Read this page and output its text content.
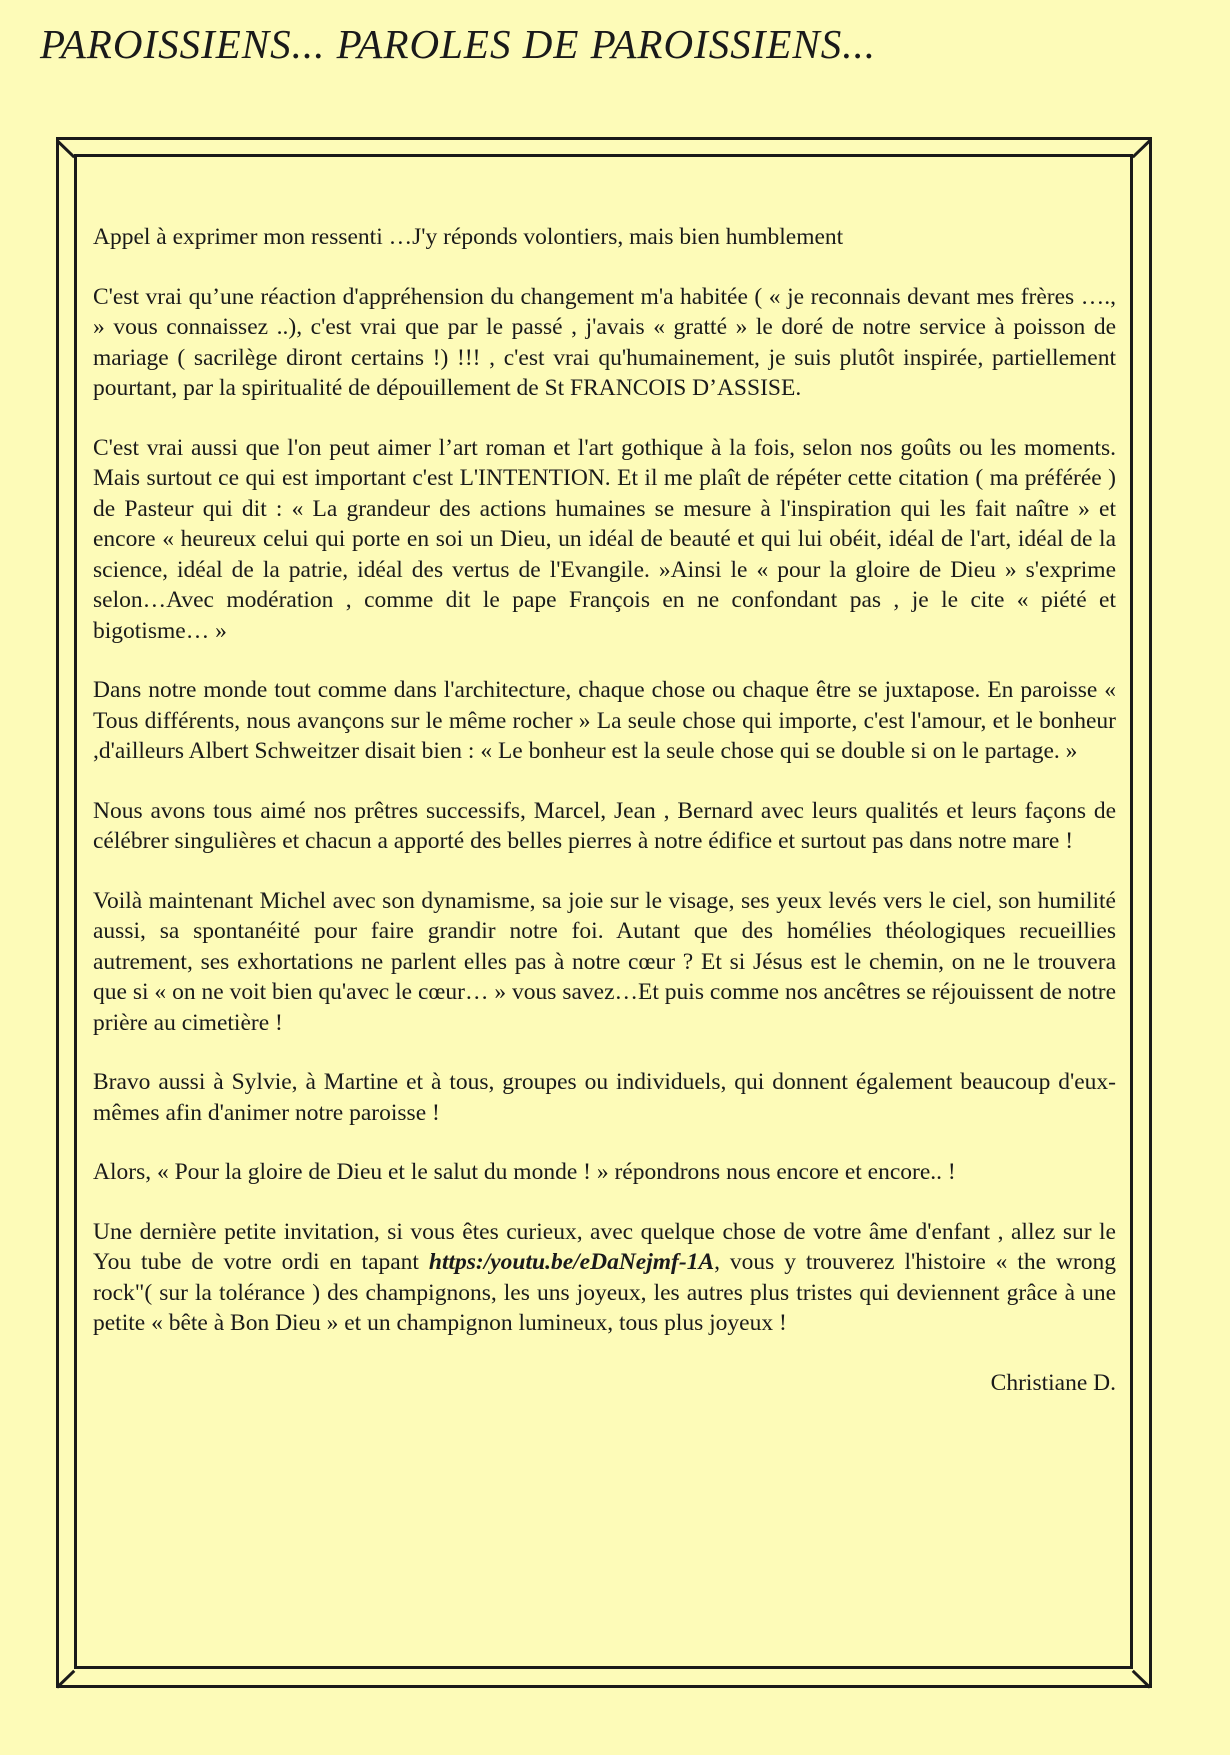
PAROISSIENS... PAROLES DE PAROISSIENS...

Appel à exprimer mon ressenti …J'y réponds volontiers, mais bien humblement

C'est vrai qu’une réaction d'appréhension du changement m'a habitée ( « je reconnais devant mes frères …., » vous connaissez ..), c'est vrai que par le passé , j'avais « gratté » le doré de notre service à poisson de mariage ( sacrilège diront certains !) !!! , c'est vrai qu'humainement, je suis plutôt inspirée, partiellement pourtant, par la spiritualité de dépouillement de St FRANCOIS D’ASSISE.

C'est vrai aussi que l'on peut aimer l’art roman et l'art gothique à la fois, selon nos goûts ou les moments. Mais surtout ce qui est important c'est L'INTENTION. Et il me plaît de répéter cette citation ( ma préférée ) de Pasteur qui dit : « La grandeur des actions humaines se mesure à l'inspiration qui les fait naître » et encore « heureux celui qui porte en soi un Dieu, un idéal de beauté et qui lui obéit, idéal de l'art, idéal de la science, idéal de la patrie, idéal des vertus de l'Evangile. »Ainsi le « pour la gloire de Dieu » s'exprime selon…Avec modération , comme dit le pape François en ne confondant pas , je le cite « piété et bigotisme… »

Dans notre monde tout comme dans l'architecture, chaque chose ou chaque être se juxtapose. En paroisse « Tous différents, nous avançons sur le même rocher » La seule chose qui importe, c'est l'amour, et le bonheur ,d'ailleurs Albert Schweitzer disait bien : « Le bonheur est la seule chose qui se double si on le partage. »

Nous avons tous aimé nos prêtres successifs, Marcel, Jean , Bernard avec leurs qualités et leurs façons de célébrer singulières et chacun a apporté des belles pierres à notre édifice et surtout pas dans notre mare !

Voilà maintenant Michel avec son dynamisme, sa joie sur le visage, ses yeux levés vers le ciel, son humilité aussi, sa spontanéité pour faire grandir notre foi. Autant que des homélies théologiques recueillies autrement, ses exhortations ne parlent elles pas à notre cœur ? Et si Jésus est le chemin, on ne le trouvera que si « on ne voit bien qu'avec le cœur… » vous savez…Et puis comme nos ancêtres se réjouissent de notre prière au cimetière !

Bravo aussi à Sylvie, à Martine et à tous, groupes ou individuels, qui donnent également beaucoup d'eux-mêmes afin d'animer notre paroisse !

Alors, « Pour la gloire de Dieu et le salut du monde ! » répondrons nous encore et encore.. !

Une dernière petite invitation, si vous êtes curieux, avec quelque chose de votre âme d'enfant , allez sur le You tube de votre ordi en tapant https:/youtu.be/eDaNejmf-1A, vous y trouverez l'histoire « the wrong rock"( sur la tolérance ) des champignons, les uns joyeux, les autres plus tristes qui deviennent grâce à une petite « bête à Bon Dieu » et un champignon lumineux, tous plus joyeux !

Christiane D.
